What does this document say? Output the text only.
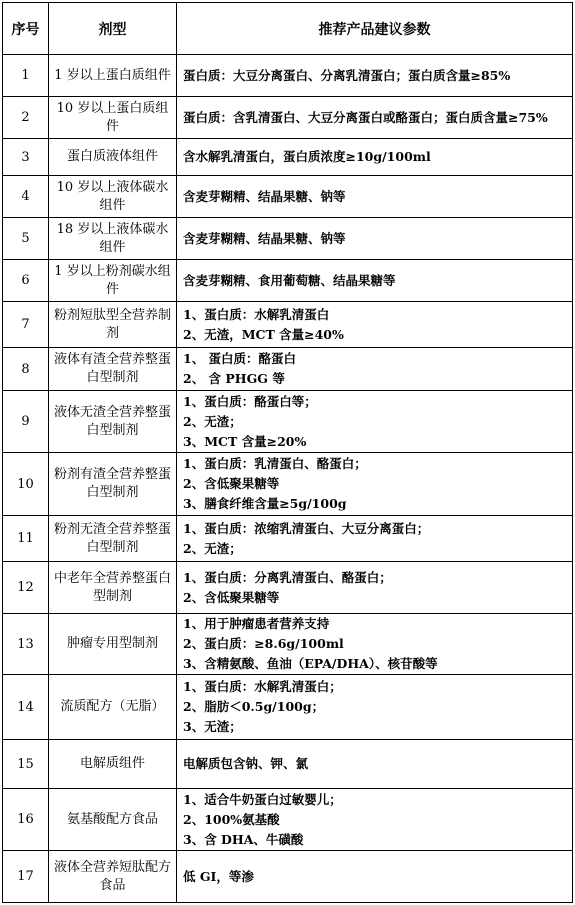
序号	剂型	推荐产品建议参数
1	1 岁以上蛋白质组件	蛋白质：大豆分离蛋白、分离乳清蛋白；蛋白质含量≥85%

2	10 岁以上蛋白质组件	蛋白质：含乳清蛋白、大豆分离蛋白或酪蛋白；蛋白质含量≥75%

3	蛋白质液体组件	含水解乳清蛋白，蛋白质浓度≥10g/100ml

4	10 岁以上液体碳水组件	含麦芽糊精、结晶果糖、钠等

5	18 岁以上液体碳水组件	含麦芽糊精、结晶果糖、钠等

6	1 岁以上粉剂碳水组件	含麦芽糊精、食用葡萄糖、结晶果糖等

7	粉剂短肽型全营养制剂	1、蛋白质：水解乳清蛋白
2、无渣，MCT 含量≥40%

8	液体有渣全营养整蛋白型制剂	1、 蛋白质：酪蛋白
2、 含 PHGG 等

9	液体无渣全营养整蛋白型制剂	1、蛋白质：酪蛋白等；
2、无渣；
3、MCT 含量≥20%

10	粉剂有渣全营养整蛋白型制剂	1、蛋白质：乳清蛋白、酪蛋白；
2、含低聚果糖等
3、膳食纤维含量≥5g/100g

11	粉剂无渣全营养整蛋白型制剂	1、蛋白质：浓缩乳清蛋白、大豆分离蛋白；
2、无渣；

12	中老年全营养整蛋白型制剂	1、蛋白质：分离乳清蛋白、酪蛋白；
2、含低聚果糖等

13	肿瘤专用型制剂	1、用于肿瘤患者营养支持
2、蛋白质：≥8.6g/100ml
3、含精氨酸、鱼油（EPA/DHA）、核苷酸等

14	流质配方（无脂）	1、蛋白质：水解乳清蛋白；
2、脂肪＜0.5g/100g；
3、无渣；

15	电解质组件	电解质包含钠、钾、氯

16	氨基酸配方食品	1、适合牛奶蛋白过敏婴儿；
2、100%氨基酸
3、含 DHA、牛磺酸

17	液体全营养短肽配方食品	低 GI，等渗
